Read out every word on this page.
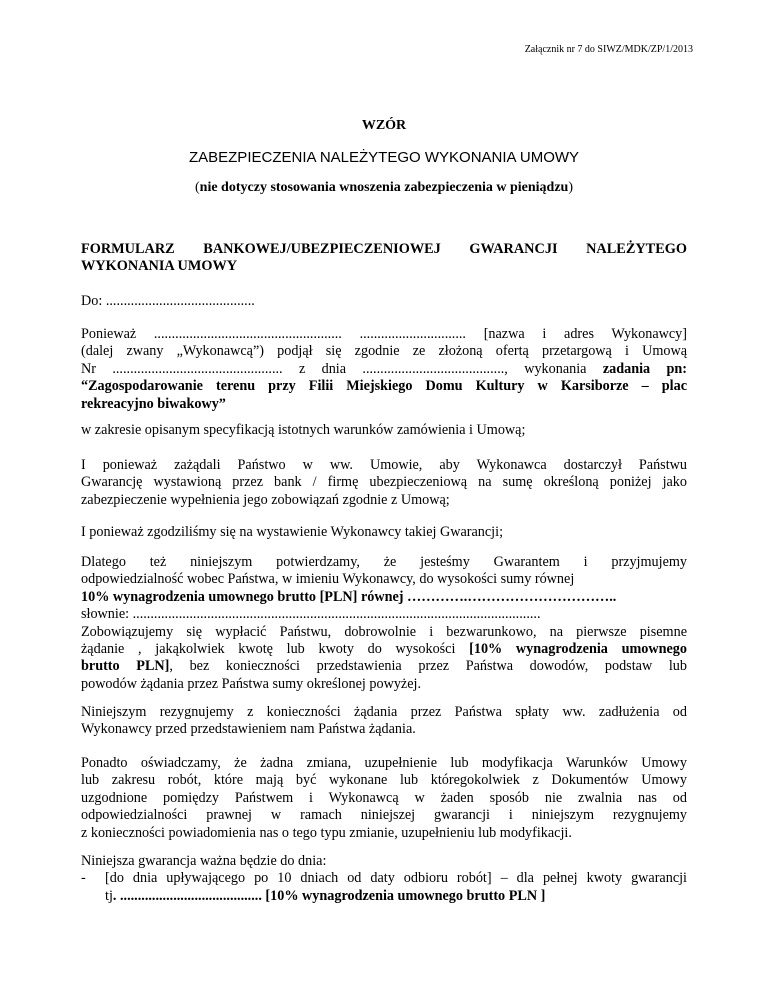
Załącznik nr 7 do SIWZ/MDK/ZP/1/2013
WZÓR
ZABEZPIECZENIA NALEŻYTEGO WYKONANIA UMOWY
(nie dotyczy stosowania wnoszenia zabezpieczenia w pieniądzu)
FORMULARZ BANKOWEJ/UBEZPIECZENIOWEJ GWARANCJI NALEŻYTEGO
WYKONANIA UMOWY
Do: ..........................................
Ponieważ ..................................................... .............................. [nazwa i adres Wykonawcy]
(dalej zwany „Wykonawcą”) podjął się zgodnie ze złożoną ofertą przetargową i Umową
Nr ................................................ z dnia ........................................, wykonania zadania pn:
“Zagospodarowanie terenu przy Filii Miejskiego Domu Kultury w Karsiborze – plac
rekreacyjno biwakowy”
w zakresie opisanym specyfikacją istotnych warunków zamówienia i Umową;
I ponieważ zażądali Państwo w ww. Umowie, aby Wykonawca dostarczył Państwu
Gwarancję wystawioną przez bank / firmę ubezpieczeniową na sumę określoną poniżej jako
zabezpieczenie wypełnienia jego zobowiązań zgodnie z Umową;
I ponieważ zgodziliśmy się na wystawienie Wykonawcy takiej Gwarancji;
Dlatego też niniejszym potwierdzamy, że jesteśmy Gwarantem i przyjmujemy
odpowiedzialność wobec Państwa, w imieniu Wykonawcy, do wysokości sumy równej
10% wynagrodzenia umownego brutto [PLN] równej ………….…………………………..
słownie: ...................................................................................................................
Zobowiązujemy się wypłacić Państwu, dobrowolnie i bezwarunkowo, na pierwsze pisemne
żądanie , jakąkolwiek kwotę lub kwoty do wysokości [10% wynagrodzenia umownego
brutto PLN], bez konieczności przedstawienia przez Państwa dowodów, podstaw lub
powodów żądania przez Państwa sumy określonej powyżej.
Niniejszym rezygnujemy z konieczności żądania przez Państwa spłaty ww. zadłużenia od
Wykonawcy przed przedstawieniem nam Państwa żądania.
Ponadto oświadczamy, że żadna zmiana, uzupełnienie lub modyfikacja Warunków Umowy
lub zakresu robót, które mają być wykonane lub któregokolwiek z Dokumentów Umowy
uzgodnione pomiędzy Państwem i Wykonawcą w żaden sposób nie zwalnia nas od
odpowiedzialności prawnej w ramach niniejszej gwarancji i niniejszym rezygnujemy
z konieczności powiadomienia nas o tego typu zmianie, uzupełnieniu lub modyfikacji.
Niniejsza gwarancja ważna będzie do dnia:
- [do dnia upływającego po 10 dniach od daty odbioru robót] – dla pełnej kwoty gwarancji
tj. ........................................ [10% wynagrodzenia umownego brutto PLN ]
